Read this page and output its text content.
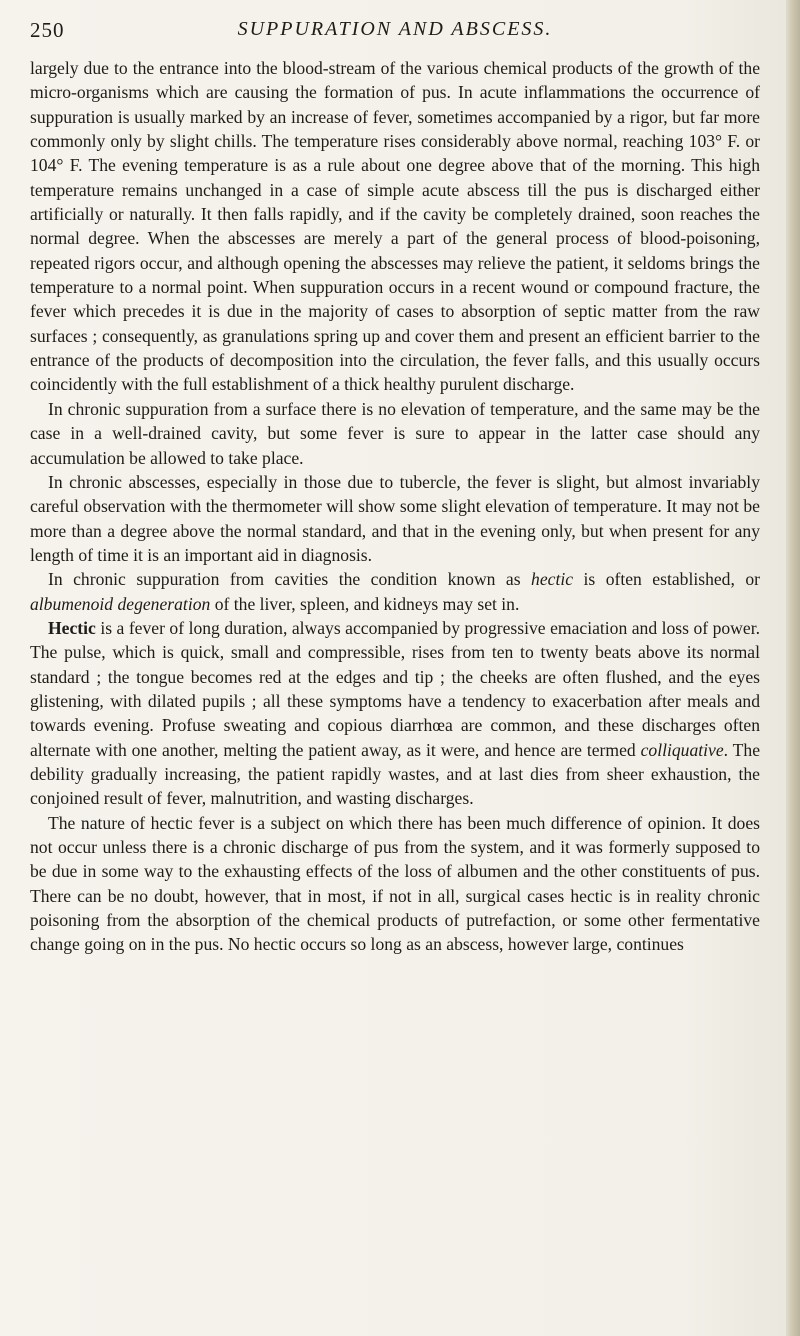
250	SUPPURATION AND ABSCESS.

largely due to the entrance into the blood-stream of the various chemical products of the growth of the micro-organisms which are causing the formation of pus. In acute inflammations the occurrence of suppuration is usually marked by an increase of fever, sometimes accompanied by a rigor, but far more commonly only by slight chills. The temperature rises considerably above normal, reaching 103° F. or 104° F. The evening temperature is as a rule about one degree above that of the morning. This high temperature remains unchanged in a case of simple acute abscess till the pus is discharged either artificially or naturally. It then falls rapidly, and if the cavity be completely drained, soon reaches the normal degree. When the abscesses are merely a part of the general process of blood-poisoning, repeated rigors occur, and although opening the abscesses may relieve the patient, it seldoms brings the temperature to a normal point. When suppuration occurs in a recent wound or compound fracture, the fever which precedes it is due in the majority of cases to absorption of septic matter from the raw surfaces ; consequently, as granulations spring up and cover them and present an efficient barrier to the entrance of the products of decomposition into the circulation, the fever falls, and this usually occurs coincidently with the full establishment of a thick healthy purulent discharge.

In chronic suppuration from a surface there is no elevation of temperature, and the same may be the case in a well-drained cavity, but some fever is sure to appear in the latter case should any accumulation be allowed to take place.

In chronic abscesses, especially in those due to tubercle, the fever is slight, but almost invariably careful observation with the thermometer will show some slight elevation of temperature. It may not be more than a degree above the normal standard, and that in the evening only, but when present for any length of time it is an important aid in diagnosis.

In chronic suppuration from cavities the condition known as hectic is often established, or albumenoid degeneration of the liver, spleen, and kidneys may set in.

Hectic is a fever of long duration, always accompanied by progressive emaciation and loss of power. The pulse, which is quick, small and compressible, rises from ten to twenty beats above its normal standard ; the tongue becomes red at the edges and tip ; the cheeks are often flushed, and the eyes glistening, with dilated pupils ; all these symptoms have a tendency to exacerbation after meals and towards evening. Profuse sweating and copious diarrhœa are common, and these discharges often alternate with one another, melting the patient away, as it were, and hence are termed colliquative. The debility gradually increasing, the patient rapidly wastes, and at last dies from sheer exhaustion, the conjoined result of fever, malnutrition, and wasting discharges.

The nature of hectic fever is a subject on which there has been much difference of opinion. It does not occur unless there is a chronic discharge of pus from the system, and it was formerly supposed to be due in some way to the exhausting effects of the loss of albumen and the other constituents of pus. There can be no doubt, however, that in most, if not in all, surgical cases hectic is in reality chronic poisoning from the absorption of the chemical products of putrefaction, or some other fermentative change going on in the pus. No hectic occurs so long as an abscess, however large, continues
